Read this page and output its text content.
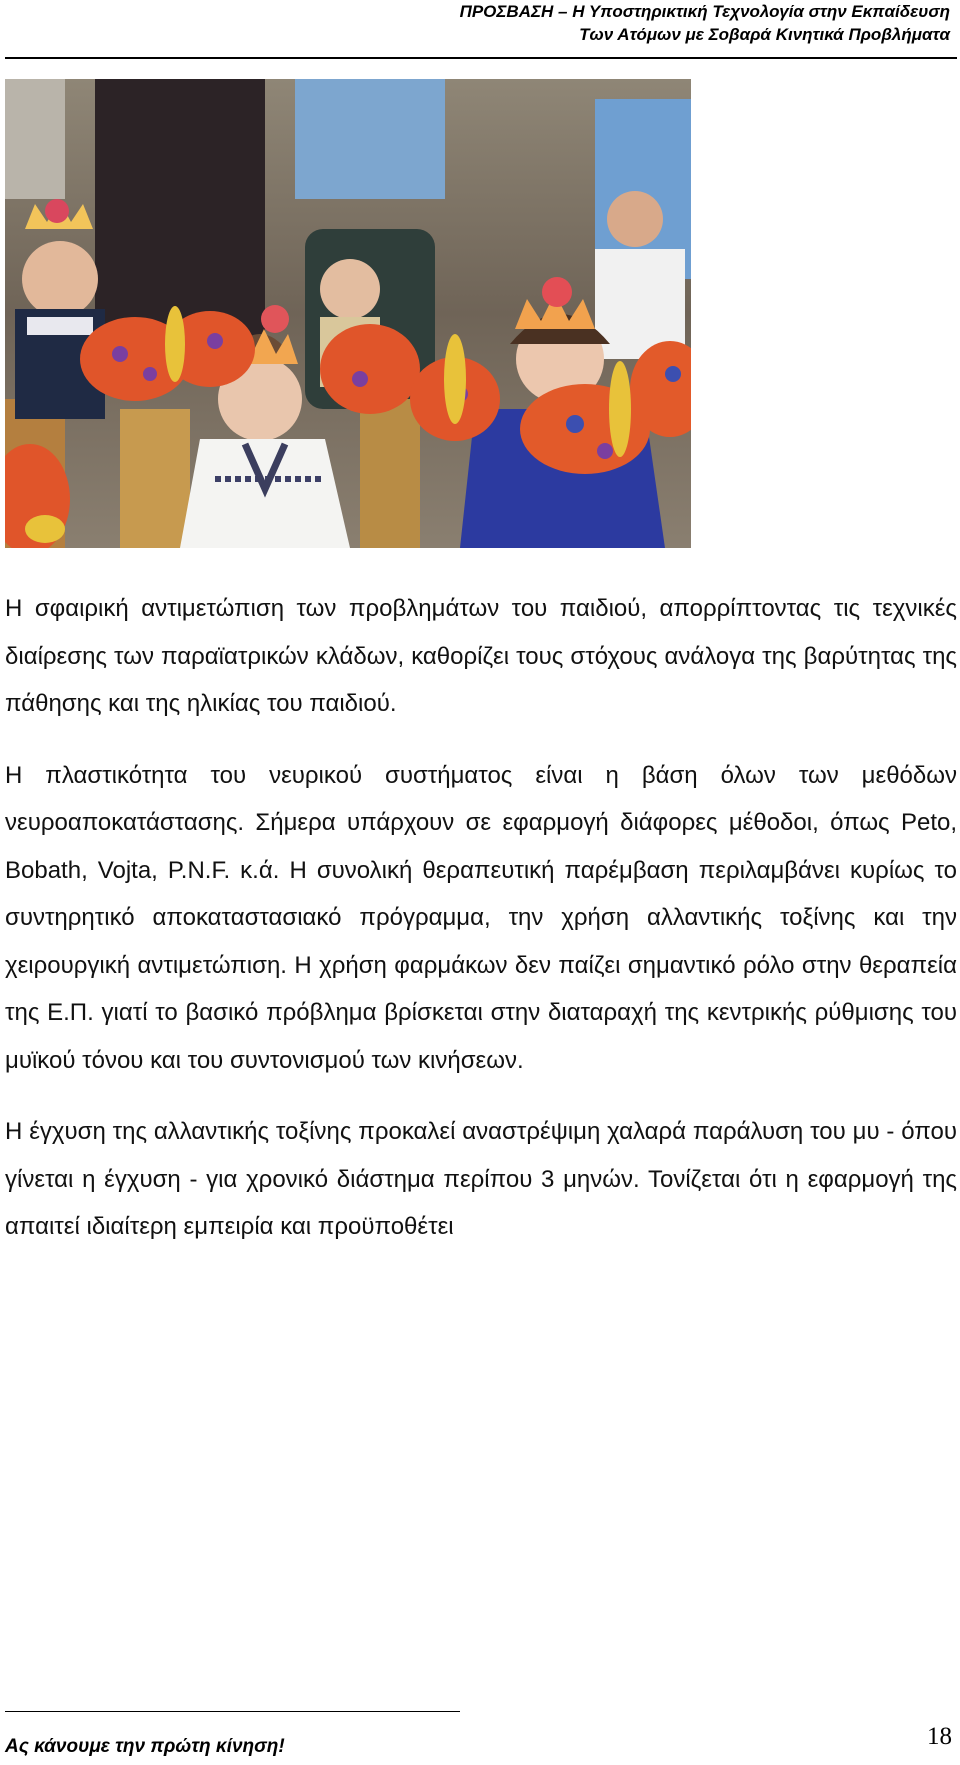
ΠΡΟΣΒΑΣΗ – Η Υποστηρικτική Τεχνολογία στην Εκπαίδευση
Των Ατόμων με Σοβαρά Κινητικά Προβλήματα

Η σφαιρική αντιμετώπιση των προβλημάτων του παιδιού, απορρίπτοντας τις τεχνικές διαίρεσης των παραϊατρικών κλάδων, καθορίζει τους στόχους ανάλογα της βαρύτητας της πάθησης και της ηλικίας του παιδιού.

Η πλαστικότητα του νευρικού συστήματος είναι η βάση όλων των μεθόδων νευροαποκατάστασης. Σήμερα υπάρχουν σε εφαρμογή διάφορες μέθοδοι, όπως Peto, Bobath, Vojta, P.N.F. κ.ά. Η συνολική θεραπευτική παρέμβαση περιλαμβάνει κυρίως το συντηρητικό αποκαταστασιακό πρόγραμμα, την χρήση αλλαντικής τοξίνης και την χειρουργική αντιμετώπιση. Η χρήση φαρμάκων δεν παίζει σημαντικό ρόλο στην θεραπεία της Ε.Π. γιατί το βασικό πρόβλημα βρίσκεται στην διαταραχή της κεντρικής ρύθμισης του μυϊκού τόνου και του συντονισμού των κινήσεων.

Η έγχυση της αλλαντικής τοξίνης προκαλεί αναστρέψιμη χαλαρά παράλυση του μυ - όπου γίνεται η έγχυση - για χρονικό διάστημα περίπου 3 μηνών. Τονίζεται ότι η εφαρμογή της απαιτεί ιδιαίτερη εμπειρία και προϋποθέτει

Ας κάνουμε την πρώτη κίνηση!	18
